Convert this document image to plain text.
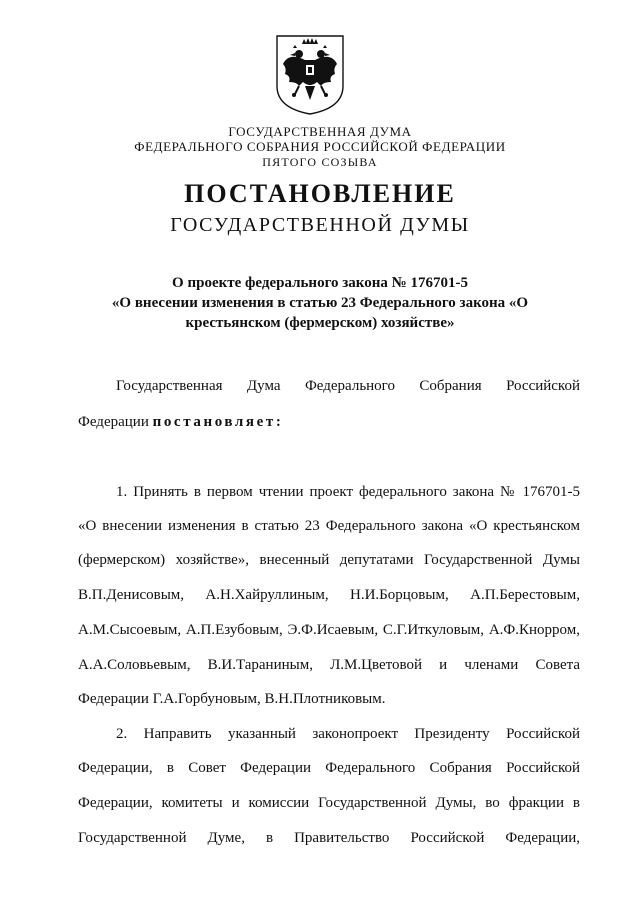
ГОСУДАРСТВЕННАЯ ДУМА
ФЕДЕРАЛЬНОГО СОБРАНИЯ РОССИЙСКОЙ ФЕДЕРАЦИИ
ПЯТОГО СОЗЫВА
ПОСТАНОВЛЕНИЕ
ГОСУДАРСТВЕННОЙ ДУМЫ
О проекте федерального закона № 176701-5
«О внесении изменения в статью 23 Федерального закона «О
крестьянском (фермерском) хозяйстве»
Государственная Дума Федерального Собрания Российской
Федерации постановляет:
1. Принять в первом чтении проект федерального закона № 176701-5
«О внесении изменения в статью 23 Федерального закона «О крестьянском
(фермерском) хозяйстве», внесенный депутатами Государственной Думы
В.П.Денисовым, А.Н.Хайруллиным, Н.И.Борцовым, А.П.Берестовым,
А.М.Сысоевым, А.П.Езубовым, Э.Ф.Исаевым, С.Г.Иткуловым, А.Ф.Кнорром,
А.А.Соловьевым, В.И.Тараниным, Л.М.Цветовой и членами Совета
Федерации Г.А.Горбуновым, В.Н.Плотниковым.
2. Направить указанный законопроект Президенту Российской
Федерации, в Совет Федерации Федерального Собрания Российской
Федерации, комитеты и комиссии Государственной Думы, во фракции в
Государственной Думе, в Правительство Российской Федерации,
